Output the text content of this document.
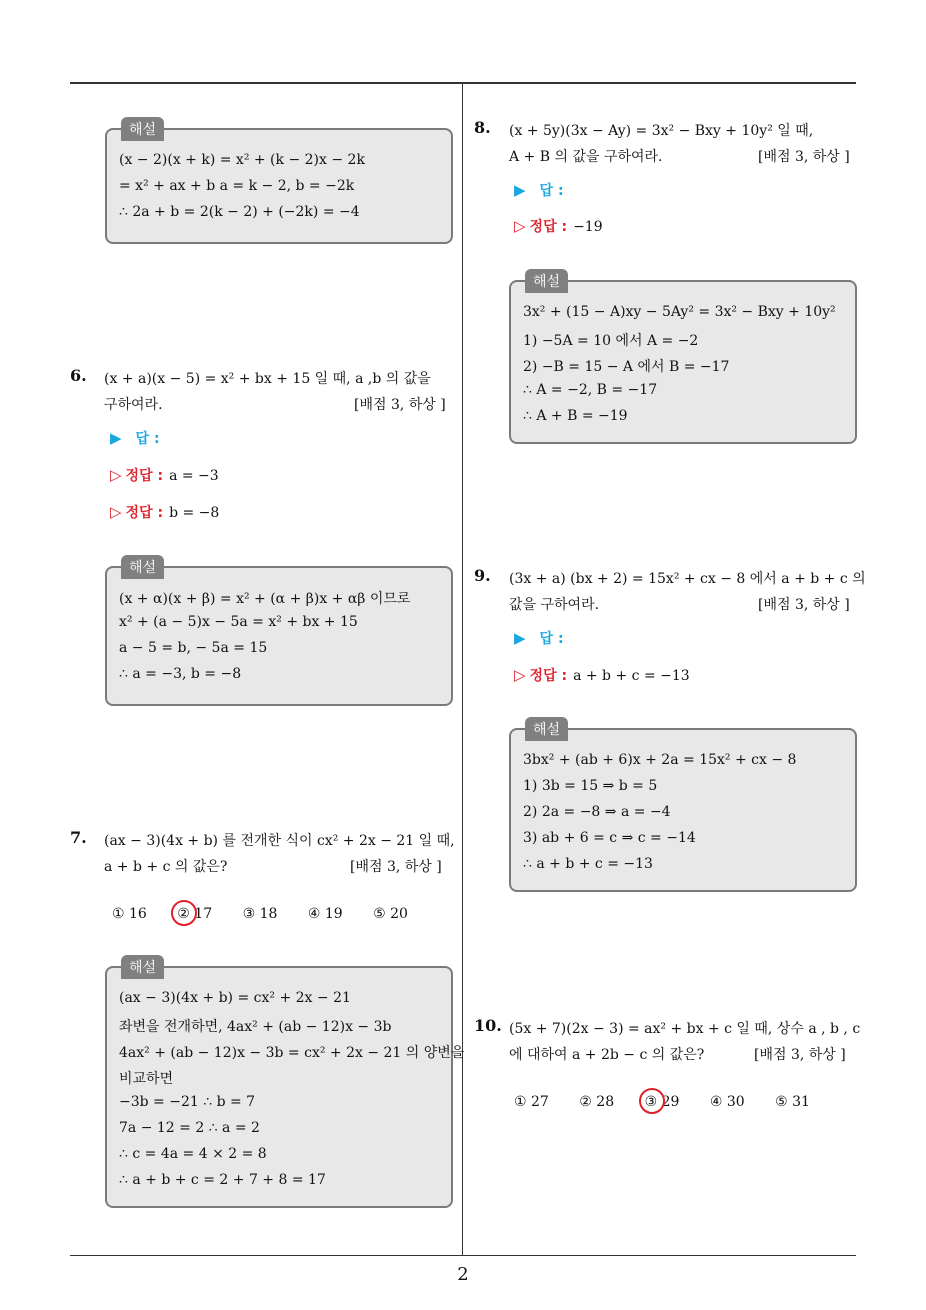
해설
(x − 2)(x + k) = x² + (k − 2)x − 2k
= x² + ax + b a = k − 2, b = −2k
∴ 2a + b = 2(k − 2) + (−2k) = −4
6. (x + a)(x − 5) = x² + bx + 15 일 때, a ,b 의 값을
구하여라.	[배점 3, 하상 ]
▶ 답 :
▷ 정답 : a = −3
▷ 정답 : b = −8
해설
(x + α)(x + β) = x² + (α + β)x + αβ 이므로
x² + (a − 5)x − 5a = x² + bx + 15
a − 5 = b, − 5a = 15
∴ a = −3, b = −8
7. (ax − 3)(4x + b) 를 전개한 식이 cx² + 2x − 21 일 때,
a + b + c 의 값은?	[배점 3, 하상 ]
① 16 ② 17 ③ 18 ④ 19 ⑤ 20
해설
(ax − 3)(4x + b) = cx² + 2x − 21
좌변을 전개하면, 4ax² + (ab − 12)x − 3b
4ax² + (ab − 12)x − 3b = cx² + 2x − 21 의 양변을
비교하면
−3b = −21 ∴ b = 7
7a − 12 = 2 ∴ a = 2
∴ c = 4a = 4 × 2 = 8
∴ a + b + c = 2 + 7 + 8 = 17
8. (x + 5y)(3x − Ay) = 3x² − Bxy + 10y² 일 때,
A + B 의 값을 구하여라.	[배점 3, 하상 ]
▶ 답 :
▷ 정답 : −19
해설
3x² + (15 − A)xy − 5Ay² = 3x² − Bxy + 10y²
1) −5A = 10 에서 A = −2
2) −B = 15 − A 에서 B = −17
∴ A = −2, B = −17
∴ A + B = −19
9. (3x + a) (bx + 2) = 15x² + cx − 8 에서 a + b + c 의
값을 구하여라.	[배점 3, 하상 ]
▶ 답 :
▷ 정답 : a + b + c = −13
해설
3bx² + (ab + 6)x + 2a = 15x² + cx − 8
1) 3b = 15 ⇒ b = 5
2) 2a = −8 ⇒ a = −4
3) ab + 6 = c ⇒ c = −14
∴ a + b + c = −13
10. (5x + 7)(2x − 3) = ax² + bx + c 일 때, 상수 a , b , c
에 대하여 a + 2b − c 의 값은?	[배점 3, 하상 ]
① 27 ② 28 ③ 29 ④ 30 ⑤ 31
2
